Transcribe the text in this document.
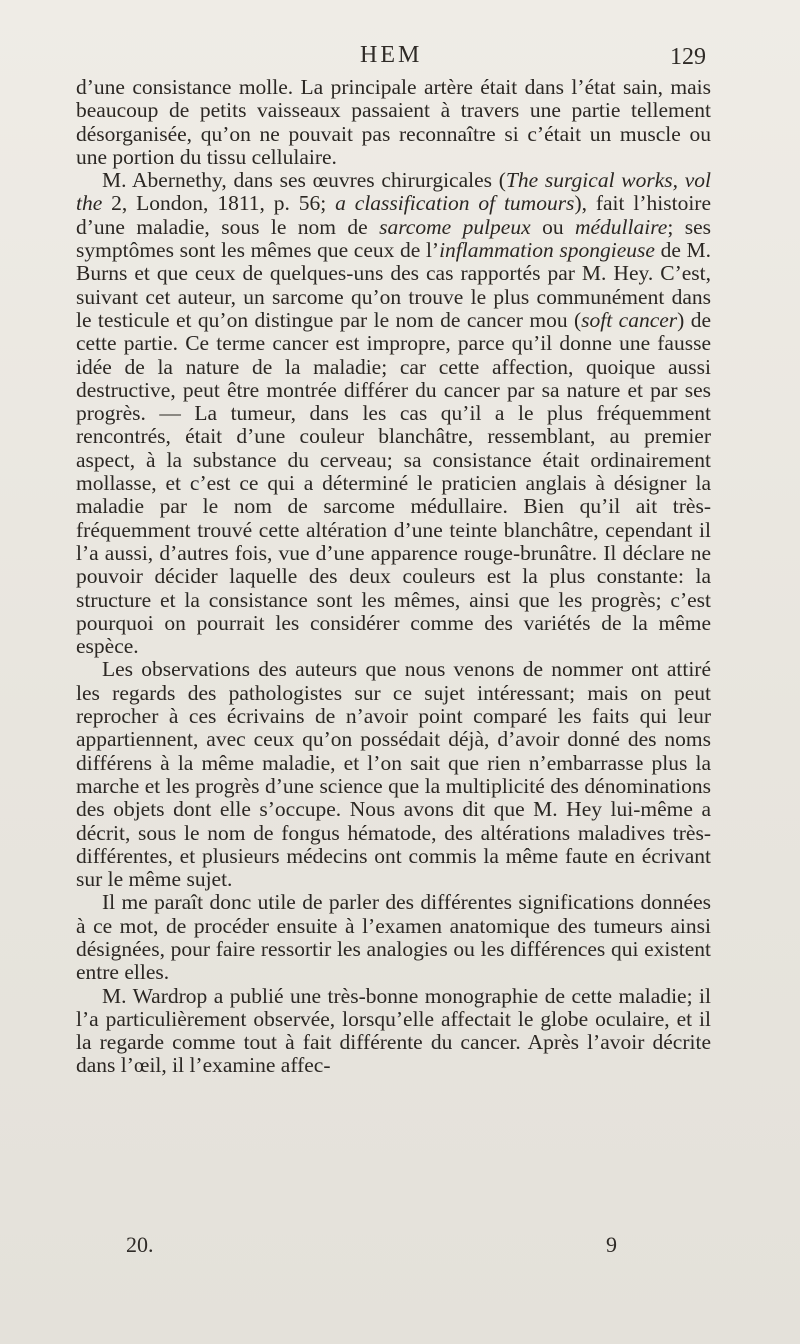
HEM	129

d’une consistance molle. La principale artère était dans l’état sain, mais beaucoup de petits vaisseaux passaient à travers une partie tellement désorganisée, qu’on ne pouvait pas reconnaître si c’était un muscle ou une portion du tissu cellulaire.

M. Abernethy, dans ses œuvres chirurgicales (The surgical works, vol the 2, London, 1811, p. 56; a classification of tumours), fait l’histoire d’une maladie, sous le nom de sarcome pulpeux ou médullaire; ses symptômes sont les mêmes que ceux de l’inflammation spongieuse de M. Burns et que ceux de quelques-uns des cas rapportés par M. Hey. C’est, suivant cet auteur, un sarcome qu’on trouve le plus communément dans le testicule et qu’on distingue par le nom de cancer mou (soft cancer) de cette partie. Ce terme cancer est impropre, parce qu’il donne une fausse idée de la nature de la maladie; car cette affection, quoique aussi destructive, peut être montrée différer du cancer par sa nature et par ses progrès. — La tumeur, dans les cas qu’il a le plus fréquemment rencontrés, était d’une couleur blanchâtre, ressemblant, au premier aspect, à la substance du cerveau; sa consistance était ordinairement mollasse, et c’est ce qui a déterminé le praticien anglais à désigner la maladie par le nom de sarcome médullaire. Bien qu’il ait très-fréquemment trouvé cette altération d’une teinte blanchâtre, cependant il l’a aussi, d’autres fois, vue d’une apparence rouge-brunâtre. Il déclare ne pouvoir décider laquelle des deux couleurs est la plus constante: la structure et la consistance sont les mêmes, ainsi que les progrès; c’est pourquoi on pourrait les considérer comme des variétés de la même espèce.

Les observations des auteurs que nous venons de nommer ont attiré les regards des pathologistes sur ce sujet intéressant; mais on peut reprocher à ces écrivains de n’avoir point comparé les faits qui leur appartiennent, avec ceux qu’on possédait déjà, d’avoir donné des noms différens à la même maladie, et l’on sait que rien n’embarrasse plus la marche et les progrès d’une science que la multiplicité des dénominations des objets dont elle s’occupe. Nous avons dit que M. Hey lui-même a décrit, sous le nom de fongus hématode, des altérations maladives très-différentes, et plusieurs médecins ont commis la même faute en écrivant sur le même sujet.

Il me paraît donc utile de parler des différentes significations données à ce mot, de procéder ensuite à l’examen anatomique des tumeurs ainsi désignées, pour faire ressortir les analogies ou les différences qui existent entre elles.

M. Wardrop a publié une très-bonne monographie de cette maladie; il l’a particulièrement observée, lorsqu’elle affectait le globe oculaire, et il la regarde comme tout à fait différente du cancer. Après l’avoir décrite dans l’œil, il l’examine affec-

20.	9
